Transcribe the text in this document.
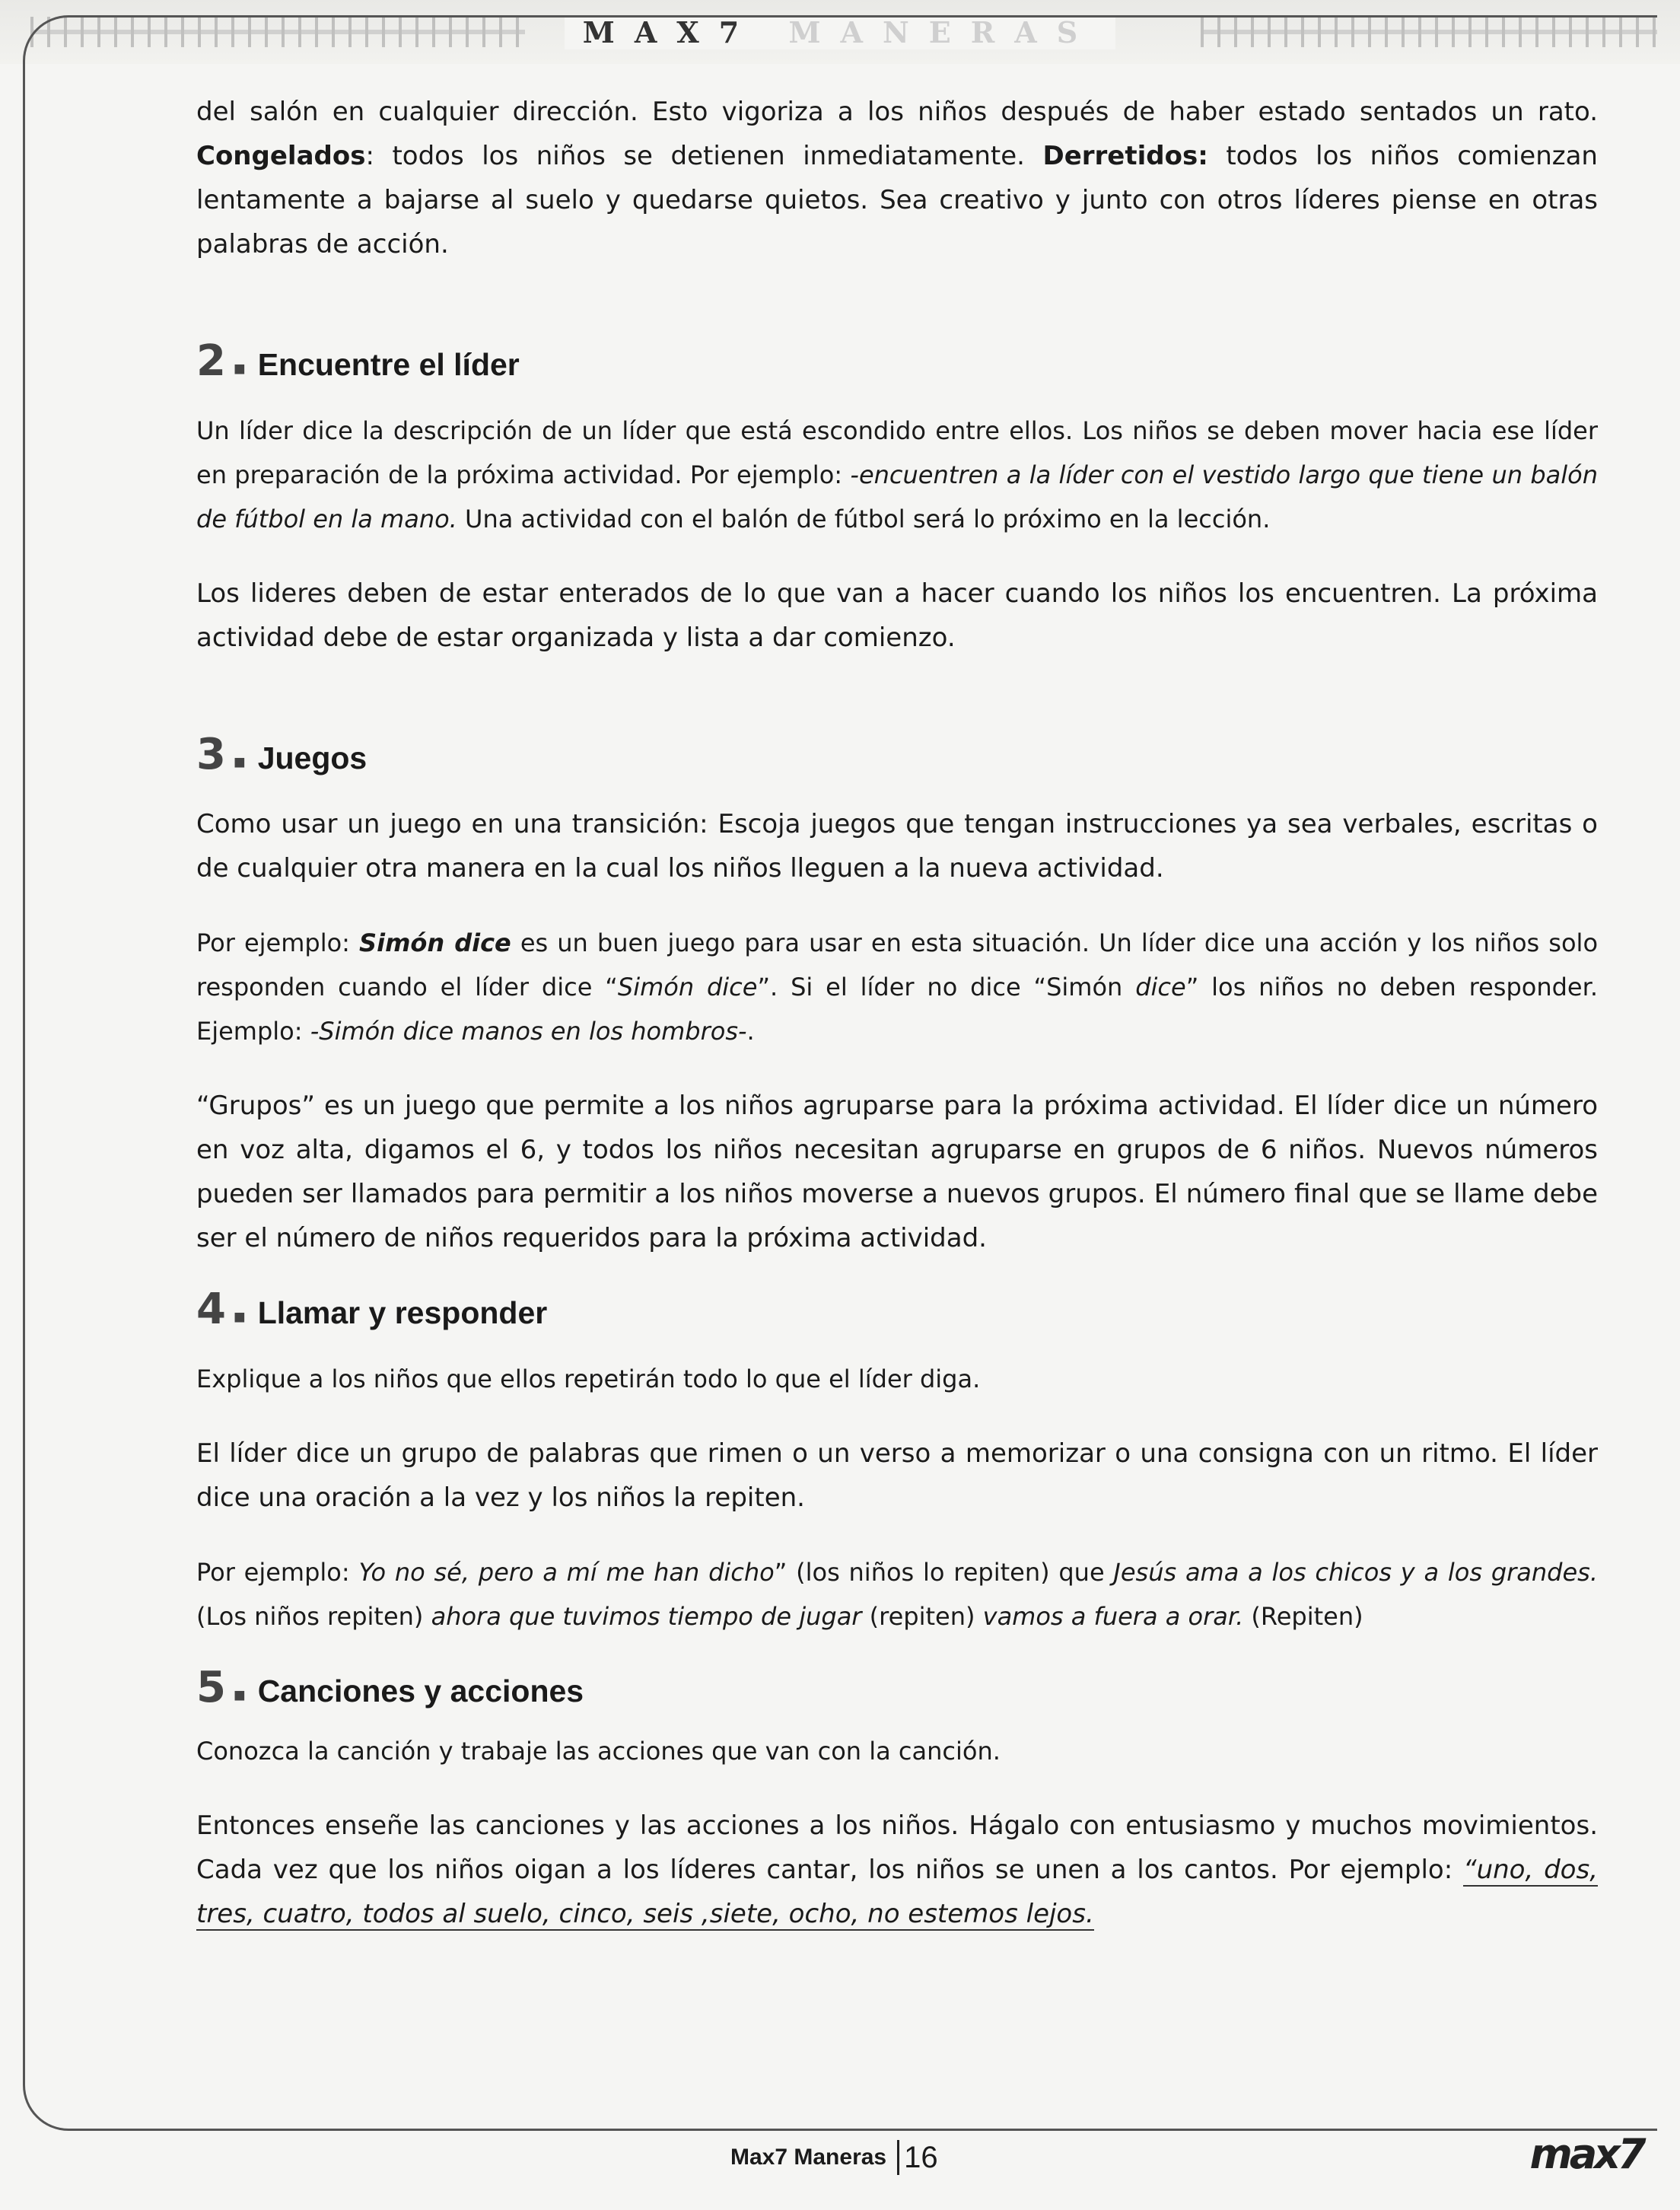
MAX7 MANERAS

del salón en cualquier dirección. Esto vigoriza a los niños después de haber estado sentados un rato. Congelados: todos los niños se detienen inmediatamente. Derretidos: todos los niños comienzan lentamente a bajarse al suelo y quedarse quietos. Sea creativo y junto con otros líderes piense en otras palabras de acción.

2 ■ Encuentre el líder

Un líder dice la descripción de un líder que está escondido entre ellos. Los niños se deben mover hacia ese líder en preparación de la próxima actividad. Por ejemplo: -encuentren a la líder con el vestido largo que tiene un balón de fútbol en la mano. Una actividad con el balón de fútbol será lo próximo en la lección.

Los lideres deben de estar enterados de lo que van a hacer cuando los niños los encuentren. La próxima actividad debe de estar organizada y lista a dar comienzo.

3 ■ Juegos

Como usar un juego en una transición: Escoja juegos que tengan instrucciones ya sea verbales, escritas o de cualquier otra manera en la cual los niños lleguen a la nueva actividad.

Por ejemplo: Simón dice es un buen juego para usar en esta situación. Un líder dice una acción y los niños solo responden cuando el líder dice “Simón dice”. Si el líder no dice “Simón dice” los niños no deben responder. Ejemplo: -Simón dice manos en los hombros-.

“Grupos” es un juego que permite a los niños agruparse para la próxima actividad. El líder dice un número en voz alta, digamos el 6, y todos los niños necesitan agruparse en grupos de 6 niños. Nuevos números pueden ser llamados para permitir a los niños moverse a nuevos grupos. El número final que se llame debe ser el número de niños requeridos para la próxima actividad.

4 ■ Llamar y responder

Explique a los niños que ellos repetirán todo lo que el líder diga.

El líder dice un grupo de palabras que rimen o un verso a memorizar o una consigna con un ritmo. El líder dice una oración a la vez y los niños la repiten.

Por ejemplo: Yo no sé, pero a mí me han dicho” (los niños lo repiten) que Jesús ama a los chicos y a los grandes. (Los niños repiten) ahora que tuvimos tiempo de jugar (repiten) vamos a fuera a orar. (Repiten)

5 ■ Canciones y acciones

Conozca la canción y trabaje las acciones que van con la canción.

Entonces enseñe las canciones y las acciones a los niños. Hágalo con entusiasmo y muchos movimientos. Cada vez que los niños oigan a los líderes cantar, los niños se unen a los cantos. Por ejemplo: “uno, dos, tres, cuatro, todos al suelo, cinco, seis ,siete, ocho, no estemos lejos.

Max7 Maneras 16	max7
